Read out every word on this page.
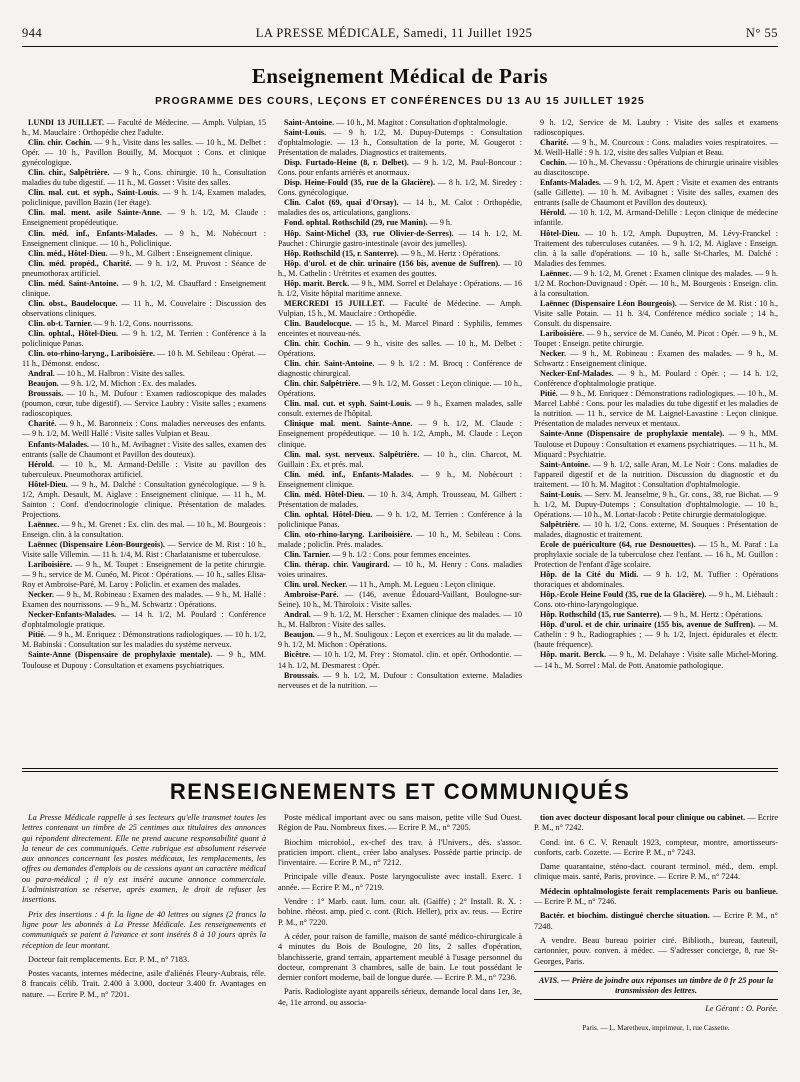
944	LA PRESSE MÉDICALE, Samedi, 11 Juillet 1925	N° 55
Enseignement Médical de Paris
PROGRAMME DES COURS, LEÇONS ET CONFÉRENCES DU 13 AU 15 JUILLET 1925

LUNDI 13 JUILLET. — Faculté de Médecine. — Amph. Vulpian, 15 h., M. Mauclaire : Orthopédie chez l'adulte.

Clin. chir. Cochin. — 9 h., Visite dans les salles. — 10 h., M. Delbet : Opér. — 10 h., Pavillon Bouilly, M. Mocquot : Cons. et clinique gynécologique.

Clin. chir., Salpêtrière. — 9 h., Cons. chirurgie. 10 h., Consultation maladies du tube digestif. — 11 h., M. Gosset : Visite des salles.

Clin. mal. cut. et syph., Saint-Louis. — 9 h. 1/4, Examen malades, policlinique, pavillon Bazin (1er étage).

Clin. mal. ment. asile Sainte-Anne. — 9 h. 1/2, M. Claude : Enseignement propédeutique.

Clin. méd. inf., Enfants-Malades. — 9 h., M. Nobécourt : Enseignement clinique. — 10 h., Policlinique.

Clin. méd., Hôtel-Dieu. — 9 h., M. Gilbert : Enseignement clinique.

Clin. méd. propéd., Charité. — 9 h. 1/2, M. Pruvost : Séance de pneumothorax artificiel.

Clin. méd. Saint-Antoine. — 9 h. 1/2, M. Chauffard : Enseignement clinique.

Clin. obst., Baudelocque. — 11 h., M. Couvelaire : Discussion des observations cliniques.

Clin. ob-t. Tarnier. — 9 h. 1/2, Cons. nourrissons.

Clin. ophtal., Hôtel-Dieu. — 9 h. 1/2, M. Terrien : Conférence à la policlinique Panas.

Clin. oto-rhino-laryng., Lariboisière. — 10 h. M. Sebileau : Opérat. — 11 h., Démonst. endosc.

Andral. — 10 h., M. Halbron : Visite des salles.

Beaujon. — 9 h. 1/2, M. Michon : Ex. des malades.

Broussais. — 10 h., M. Dufour : Examen radioscopique des malades (poumon, cœur, tube digestif). — Service Laubry : Visite salles ; examens radioscopiques.

Charité. — 9 h., M. Baronneix : Cons. maladies nerveuses des enfants. — 9 h. 1/2, M. Weill Hallé : Visite salles Vulpian et Beau.

Enfants-Malades. — 10 h., M. Avibagnet : Visite des salles, examen des entrants (salle de Chaumont et Pavillon des douteux).

Hérold. — 10 h., M. Armand-Delille : Visite au pavillon des tuberculeux. Pneumothorax artificiel.

Hôtel-Dieu. — 9 h., M. Dalché : Consultation gynécologique. — 9 h. 1/2, Amph. Desault, M. Aiglave : Enseignement clinique. — 11 h., M. Sainton : Conf. d'endocrinologie clinique. Présentation de malades. Projections.

Laënnec. — 9 h., M. Grenet : Ex. clin. des mal. — 10 h., M. Bourgeois : Enseign. clin. à la consultation.

Laënnec (Dispensaire Léon-Bourgeois). — Service de M. Rist : 10 h., Visite salle Villemin. — 11 h. 1/4, M. Rist : Charlatanisme et tuberculose.

Lariboisière. — 9 h., M. Toupet : Enseignement de la petite chirurgie. — 9 h., service de M. Cunéo, M. Picot : Opérations. — 10 h., salles Elisa-Roy et Ambroise-Paré, M. Laroy : Policlin. et examen des malades.

Necker. — 9 h., M. Robineau : Examen des malades. — 9 h., M. Hallé : Examen des nourrissons. — 9 h., M. Schwartz : Opérations.

Necker-Enfants-Malades. — 14 h. 1/2, M. Poulard : Conférence d'ophtalmologie pratique.

Pitié. — 9 h., M. Enriquez : Démonstrations radiologiques. — 10 h. 1/2, M. Babinski : Consultation sur les maladies du système nerveux.

Sainte-Anne (Dispensaire de prophylaxie mentale). — 9 h., MM. Toulouse et Dupouy : Consultation et examens psychiatriques.

Saint-Antoine. — 10 h., M. Magitot : Consultation d'ophtalmologie.

Saint-Louis. — 9 h. 1/2, M. Dupuy-Dutemps : Consultation d'ophtalmologie. — 13 h., Consultation de la porte, M. Gougerot : Présentation de malades. Diagnostics et traitements.

Disp. Furtado-Heine (8, r. Delbet). — 9 h. 1/2, M. Paul-Boncour : Cons. pour enfants arriérés et anormaux.

Disp. Heine-Fould (35, rue de la Glacière). — 8 h. 1/2, M. Siredey : Cons. gynécologique.

Clin. Calot (69, quai d'Orsay). — 14 h., M. Calot : Orthopédie, maladies des os, articulations, ganglions.

Fond. ophtal. Rothschild (29, rue Manin). — 9 h.

Hôp. Saint-Michel (33, rue Olivier-de-Serres). — 14 h. 1/2, M. Pauchet : Chirurgie gastro-intestinale (avoir des jumelles).

Hôp. Rothschild (15, r. Santerre). — 9 h., M. Hertz : Opérations.

Hôp. d'urol. et de chir. urinaire (156 bis, avenue de Suffren). — 10 h., M. Cathelin : Urétrites et examen des gouttes.

Hôp. marit. Berck. — 9 h., MM. Sorrel et Delahaye : Opérations. — 16 h. 1/2, Visite hôpital maritime annexe.

MERCREDI 15 JUILLET. — Faculté de Médecine. — Amph. Vulpian, 15 h., M. Mauclaire : Orthopédie.

Clin. Baudelocque. — 15 h., M. Marcel Pinard : Syphilis, femmes enceintes et nouveau-nés.

Clin. chir. Cochin. — 9 h., visite des salles. — 10 h., M. Delbet : Opérations.

Clin. chir. Saint-Antoine. — 9 h. 1/2 : M. Brocq : Conférence de diagnostic chirurgical.

Clin. chir. Salpêtrière. — 9 h. 1/2, M. Gosset : Leçon clinique. — 10 h., Opérations.

Clin. mal. cut. et syph. Saint-Louis. — 9 h., Examen malades, salle consult. externes de l'hôpital.

Clinique mal. ment. Sainte-Anne. — 9 h. 1/2, M. Claude : Enseignement propédeutique. — 10 h. 1/2, Amph., M. Claude : Leçon clinique.

Clin. mal. syst. nerveux. Salpêtrière. — 10 h., clin. Charcot, M. Guillain : Ex. et prés. mal.

Clin. méd. inf., Enfants-Malades. — 9 h., M. Nobécourt : Enseignement clinique.

Clin. méd. Hôtel-Dieu. — 10 h. 3/4, Amph. Trousseau, M. Gilbert : Présentation de malades.

Clin. ophtal. Hôtel-Dieu. — 9 h. 1/2, M. Terrien : Conférence à la policlinique Panas.

Clin. oto-rhino-laryng. Lariboisière. — 10 h., M. Sebileau : Cons. malade ; policlin. Prés. malades.

Clin. Tarnier. — 9 h. 1/2 : Cons. pour femmes enceintes.

Clin. thérap. chir. Vaugirard. — 10 h., M. Henry : Cons. maladies voies urinaires.

Clin. urol. Necker. — 11 h., Amph. M. Legueu : Leçon clinique.

Ambroise-Paré. — (146, avenue Édouard-Vaillant, Boulogne-sur-Seine). 10 h., M. Thiroloix : Visite salles.

Andral. — 9 h. 1/2, M. Herscher : Examen clinique des malades. — 10 h., M. Halbron : Visite des salles.

Beaujon. — 9 h., M. Souligoux : Leçon et exercices au lit du malade. — 9 h. 1/2, M. Michon : Opérations.

Bicêtre. — 10 h. 1/2, M. Frey : Stomatol. clin. et opér. Orthodontie. — 14 h. 1/2, M. Desmarest : Opér.

Broussais. — 9 h. 1/2, M. Dufour : Consultation externe. Maladies nerveuses et de la nutrition. —

9 h. 1/2, Service de M. Laubry : Visite des salles et examens radioscopiques.

Charité. — 9 h., M. Courcoux : Cons. maladies voies respiratoires. — M. Weill-Hallé : 9 h. 1/2, visite des salles Vulpian et Beau.

Cochin. — 10 h., M. Chevassu : Opérations de chirurgie urinaire visibles au diascitoscope.

Enfants-Malades. — 9 h. 1/2, M. Apert : Visite et examen des entrants (salle Gillette). — 10 h. M. Avibagnet : Visite des salles, examen des entrants (salle de Chaumont et Pavillon des douteux).

Hérold. — 10 h. 1/2, M. Armand-Delille : Leçon clinique de médecine infantile.

Hôtel-Dieu. — 10 h. 1/2, Amph. Dupuytren, M. Lévy-Franckel : Traitement des tuberculoses cutanées. — 9 h. 1/2, M. Aiglave : Enseign. clin. à la salle d'opérations. — 10 h., salle St-Charles, M. Dalché : Maladies des femmes.

Laënnec. — 9 h. 1/2, M. Grenet : Examen clinique des malades. — 9 h. 1/2 M. Rochon-Duvignaud : Opér. — 10 h., M. Bourgeois : Enseign. clin. à la consultation.

Laënnec (Dispensaire Léon Bourgeois). — Service de M. Rist : 10 h., Visite salle Potain. — 11 h. 3/4, Conférence médico sociale ; 14 h., Consult. du dispensaire.

Lariboisière. — 9 h., service de M. Cunéo, M. Picot : Opér. — 9 h., M. Toupet : Enseign. petite chirurgie.

Necker. — 9 h., M. Robineau : Examen des malades. — 9 h., M. Schwartz : Enseignement clinique.

Necker-Enf-Malades. — 9 h., M. Poulard : Opér. ; — 14 h. 1/2, Conférence d'ophtalmologie pratique.

Pitié. — 9 h., M. Enriquez : Démonstrations radiologiques. — 10 h., M. Marcel Labbé : Cons. pour les maladies du tube digestif et les maladies de la nutrition. — 11 h., service de M. Laignel-Lavastine : Leçon clinique. Présentation de malades nerveux et mentaux.

Sainte-Anne (Dispensaire de prophylaxie mentale). — 9 h., MM. Toulouse et Dupouy : Consultation et examens psychiatriques. — 11 h., M. Miquard : Psychiatrie.

Saint-Antoine. — 9 h. 1/2, salle Aran, M. Le Noir : Cons. maladies de l'appareil digestif et de la nutrition. Discussion du diagnostic et du traitement. — 10 h. M. Magitot : Consultation d'ophtalmologie.

Saint-Louis. — Serv. M. Jeanselme, 9 h., Gr. cons., 38, rue Bichat. — 9 h. 1/2, M. Dupuy-Dutemps : Consultation d'ophtalmologie. — 10 h., Opérations. — 10 h., M. Lortat-Jacob : Petite chirurgie dermatologique.

Salpêtrière. — 10 h. 1/2, Cons. externe, M. Souques : Présentation de malades, diagnostic et traitement.

Ecole de puériculture (64, rue Desnouettes). — 15 h., M. Paraf : La prophylaxie sociale de la tuberculose chez l'enfant. — 16 h., M. Guillon : Protection de l'enfant d'âge scolaire.

Hôp. de la Cité du Midi. — 9 h. 1/2, M. Tuffier : Opérations thoraciques et abdominales.

Hôp.-Ecole Heine Fould (35, rue de la Glacière). — 9 h., M. Liébault : Cons. oto-rhino-laryngologique.

Hôp. Rothschild (15, rue Santerre). — 9 h., M. Hertz : Opérations.

Hôp. d'urol. et de chir. urinaire (155 bis, avenue de Suffren). — M. Cathelin : 9 h., Radiographies ; — 9 h. 1/2, Inject. épidurales et électr. (haute fréquence).

Hôp. marit. Berck. — 9 h., M. Delahaye : Visite salle Michel-Moring. — 14 h., M. Sorrel : Mal. de Pott. Anatomie pathologique.

RENSEIGNEMENTS ET COMMUNIQUÉS

La Presse Médicale rappelle à ses lecteurs qu'elle transmet toutes les lettres contenant un timbre de 25 centimes aux titulaires des annonces qui répondent directement. Elle ne prend aucune responsabilité quant à la teneur de ces communiqués. Cette rubrique est absolument réservée aux annonces concernant les postes médicaux, les remplacements, les offres ou demandes d'emplois ou de cessions ayant un caractère médical ou para-médical ; il n'y est inséré aucune annonce commerciale. L'administration se réserve, après examen, le droit de refuser les insertions.

Prix des insertions : 4 fr. la ligne de 40 lettres ou signes (2 francs la ligne pour les abonnés à La Presse Médicale. Les renseignements et communiqués se paient à l'avance et sont insérés 8 à 10 jours après la réception de leur montant.

Docteur fait remplacements. Ecr. P. M., n° 7183.

Postes vacants, internes médecine, asile d'aliénés Fleury-Aubrais, réle. 8 francais célib. Trait. 2.400 à 3.000, docteur 3.400 fr. Avantages en nature. — Ecrire P. M., n° 7201.

Poste médical important avec ou sans maison, petite ville Sud Ouest. Région de Pau. Nombreux fixes. — Ecrire P. M., n° 7205.

Biochim microbiol., ex-chef des trav. à l'Univers., dés. s'assoc. praticien import. client., créer labo analyses. Possède partie princip. de l'inventaire. — Ecrire P. M., n° 7212.

Principale ville d'eaux. Poste laryngoculiste avec install. Exerc. 1 année. — Ecrire P. M., n° 7219.

Vendre : 1° Marb. caut. lum. cour. alt. (Gaiffe) ; 2° Install. R. X. : bobine. rhéost. amp. pied c. cont. (Rich. Heller), prix av. reus. — Ecrire P. M., n° 7220.

A céder, pour raison de famille, maison de santé médico-chirurgicale à 4 minutes du Bois de Boulogne, 20 lits, 2 salles d'opération, blanchisserie, grand terrain, appartement meublé à l'usage personnel du docteur, comprenant 3 chambres, salle de bain. Le tout possédant le dernier confort moderne, bail de longue durée. — Ecrire P. M., n° 7236.

Paris. Radiologiste ayant appareils sérieux, demande local dans 1er, 3e, 4e, 11e arrond. ou associa-

tion avec docteur disposant local pour clinique ou cabinet. — Ecrire P. M., n° 7242.

Cond. int. 6 C. V. Renault 1923, compteur, montre, amortisseurs-conforts, carb. Cozette. — Ecrire P. M., n° 7243.

Dame quarantaine, sténo-dact. courant terminol. méd., dem. empl. clinique mais. santé, Paris, province. — Ecrire P. M., n° 7244.

Médecin ophtalmologiste ferait remplacements Paris ou banlieue. — Ecrire P. M., n° 7246.

Bactér. et biochim. distingué cherche situation. — Ecrire P. M., n° 7248.

A vendre. Beau bureau poirier ciré. Biblioth., bureau, fauteuil, cartonnier, pouv. conven. à médec. — S'adresser concierge, 8, rue St-Georges, Paris.

AVIS. — Prière de joindre aux réponses un timbre de 0 fr 25 pour la transmission des lettres.
Le Gérant : O. Porée.
Paris. — L. Maretheux, imprimeur, 1, rue Cassette.
